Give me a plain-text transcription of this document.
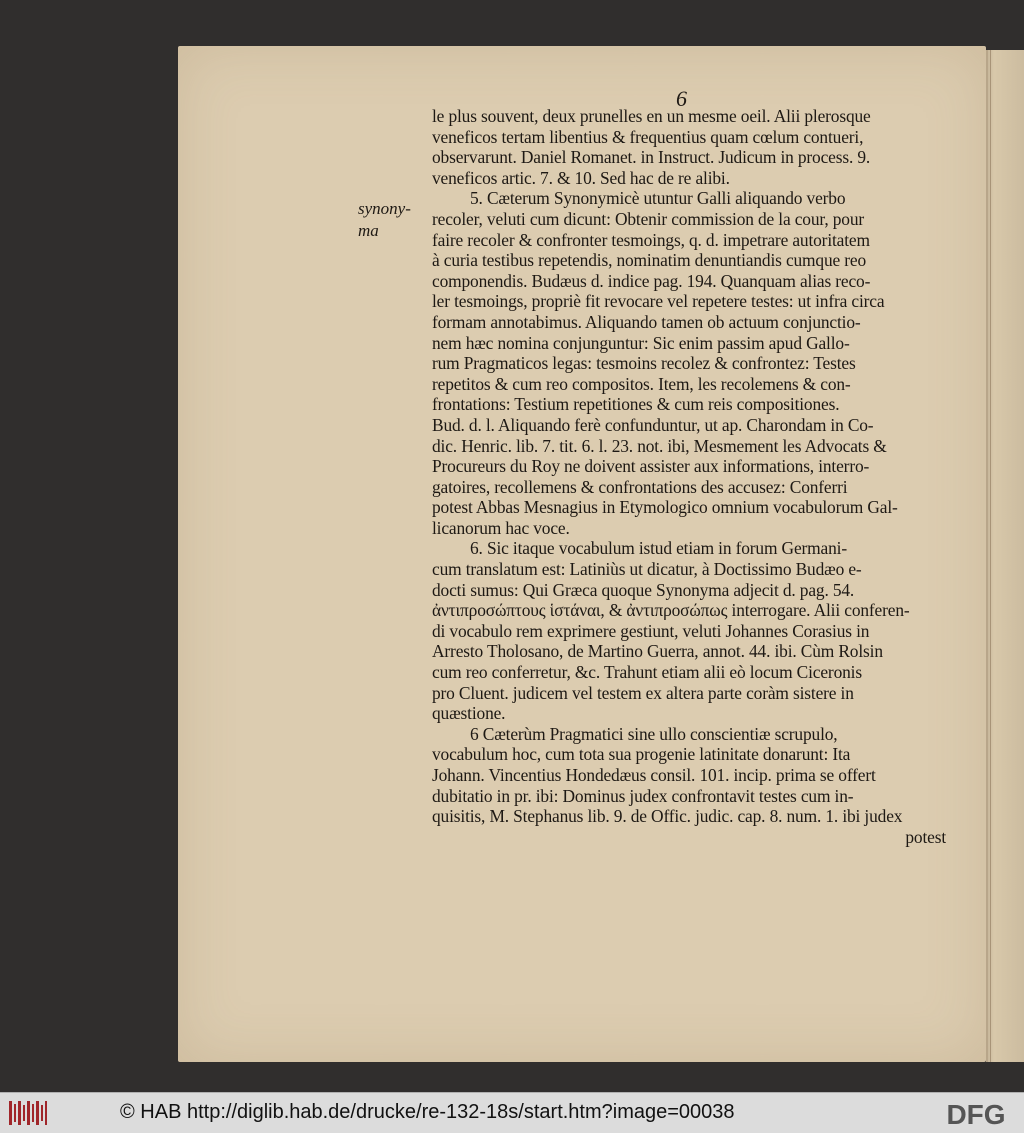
6
synony-
ma
le plus souvent, deux prunelles en un mesme oeil. Alii plerosque
veneficos tertam libentius & frequentius quam cœlum contueri,
observarunt. Daniel Romanet. in Instruct. Judicum in process. 9.
veneficos artic. 7. & 10. Sed hac de re alibi.
5. Cæterum Synonymicè utuntur Galli aliquando verbo
recoler, veluti cum dicunt: Obtenir commission de la cour, pour
faire recoler & confronter tesmoings, q. d. impetrare autoritatem
à curia testibus repetendis, nominatim denuntiandis cumque reo
componendis. Budæus d. indice pag. 194. Quanquam alias reco-
ler tesmoings, propriè fit revocare vel repetere testes: ut infra circa
formam annotabimus. Aliquando tamen ob actuum conjunctio-
nem hæc nomina conjunguntur: Sic enim passim apud Gallo-
rum Pragmaticos legas: tesmoins recolez & confrontez: Testes
repetitos & cum reo compositos. Item, les recolemens & con-
frontations: Testium repetitiones & cum reis compositiones.
Bud. d. l. Aliquando ferè confunduntur, ut ap. Charondam in Co-
dic. Henric. lib. 7. tit. 6. l. 23. not. ibi, Mesmement les Advocats &
Procureurs du Roy ne doivent assister aux informations, interro-
gatoires, recollemens & confrontations des accusez: Conferri
potest Abbas Mesnagius in Etymologico omnium vocabulorum Gal-
licanorum hac voce.
6. Sic itaque vocabulum istud etiam in forum Germani-
cum translatum est: Latiniùs ut dicatur, à Doctissimo Budæo e-
docti sumus: Qui Græca quoque Synonyma adjecit d. pag. 54.
ἀντιπροσώπτους ἱστάναι, & ἀντιπροσώπως interrogare. Alii conferen-
di vocabulo rem exprimere gestiunt, veluti Johannes Corasius in
Arresto Tholosano, de Martino Guerra, annot. 44. ibi. Cùm Rolsin
cum reo conferretur, &c. Trahunt etiam alii eò locum Ciceronis
pro Cluent. judicem vel testem ex altera parte coràm sistere in
quæstione.
6 Cæterùm Pragmatici sine ullo conscientiæ scrupulo,
vocabulum hoc, cum tota sua progenie latinitate donarunt: Ita
Johann. Vincentius Hondedæus consil. 101. incip. prima se offert
dubitatio in pr. ibi: Dominus judex confrontavit testes cum in-
quisitis, M. Stephanus lib. 9. de Offic. judic. cap. 8. num. 1. ibi judex
potest
© HAB http://diglib.hab.de/drucke/re-132-18s/start.htm?image=00038	DFG
